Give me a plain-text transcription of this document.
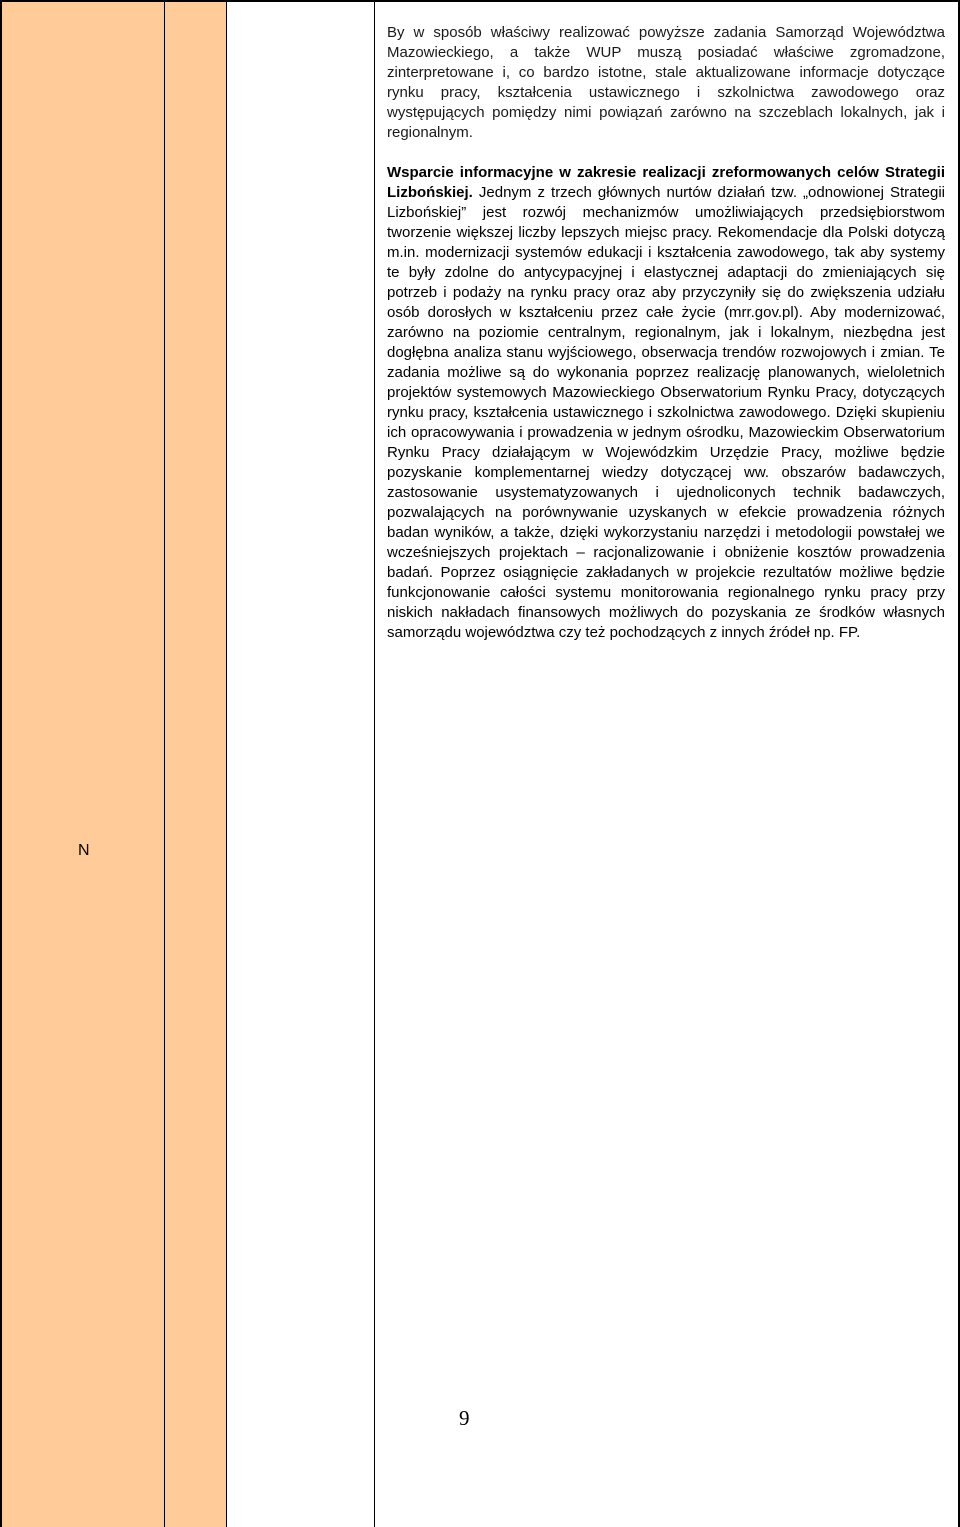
By w sposób właściwy realizować powyższe zadania Samorząd Województwa Mazowieckiego, a także WUP muszą posiadać właściwe zgromadzone, zinterpretowane i, co bardzo istotne, stale aktualizowane informacje dotyczące rynku pracy, kształcenia ustawicznego i szkolnictwa zawodowego oraz występujących pomiędzy nimi powiązań zarówno na szczeblach lokalnych, jak i regionalnym.

Wsparcie informacyjne w zakresie realizacji zreformowanych celów Strategii Lizbońskiej. Jednym z trzech głównych nurtów działań tzw. „odnowionej Strategii Lizbońskiej” jest rozwój mechanizmów umożliwiających przedsiębiorstwom tworzenie większej liczby lepszych miejsc pracy. Rekomendacje dla Polski dotyczą m.in. modernizacji systemów edukacji i kształcenia zawodowego, tak aby systemy te były zdolne do antycypacyjnej i elastycznej adaptacji do zmieniających się potrzeb i podaży na rynku pracy oraz aby przyczyniły się do zwiększenia udziału osób dorosłych w kształceniu przez całe życie (mrr.gov.pl). Aby modernizować, zarówno na poziomie centralnym, regionalnym, jak i lokalnym, niezbędna jest dogłębna analiza stanu wyjściowego, obserwacja trendów rozwojowych i zmian. Te zadania możliwe są do wykonania poprzez realizację planowanych, wieloletnich projektów systemowych Mazowieckiego Obserwatorium Rynku Pracy, dotyczących rynku pracy, kształcenia ustawicznego i szkolnictwa zawodowego. Dzięki skupieniu ich opracowywania i prowadzenia w jednym ośrodku, Mazowieckim Obserwatorium Rynku Pracy działającym w Wojewódzkim Urzędzie Pracy, możliwe będzie pozyskanie komplementarnej wiedzy dotyczącej ww. obszarów badawczych, zastosowanie usystematyzowanych i ujednoliconych technik badawczych, pozwalających na porównywanie uzyskanych w efekcie prowadzenia różnych badan wyników, a także, dzięki wykorzystaniu narzędzi i metodologii powstałej we wcześniejszych projektach – racjonalizowanie i obniżenie kosztów prowadzenia badań. Poprzez osiągnięcie zakładanych w projekcie rezultatów możliwe będzie funkcjonowanie całości systemu monitorowania regionalnego rynku pracy przy niskich nakładach finansowych możliwych do pozyskania ze środków własnych samorządu województwa czy też pochodzących z innych źródeł np. FP.

N
9
